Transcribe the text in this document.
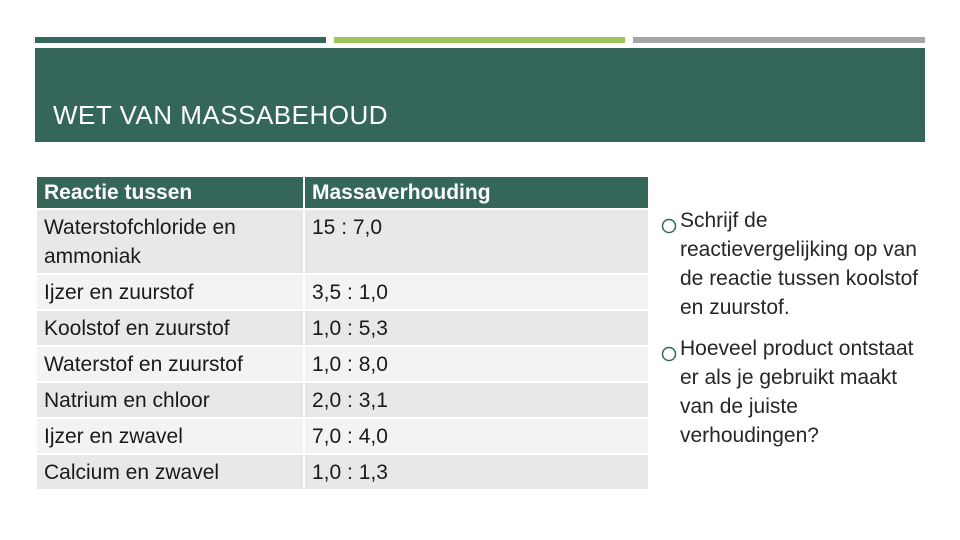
WET VAN MASSABEHOUD
Reactie tussen	Massaverhouding
Waterstofchloride en ammoniak	15 : 7,0
Ijzer en zuurstof	3,5 : 1,0
Koolstof en zuurstof	1,0 : 5,3
Waterstof en zuurstof	1,0 : 8,0
Natrium en chloor	2,0 : 3,1
Ijzer en zwavel	7,0 : 4,0
Calcium en zwavel	1,0 : 1,3
Schrijf de reactievergelijking op van de reactie tussen koolstof en zuurstof.
Hoeveel product ontstaat er als je gebruikt maakt van de juiste verhoudingen?
